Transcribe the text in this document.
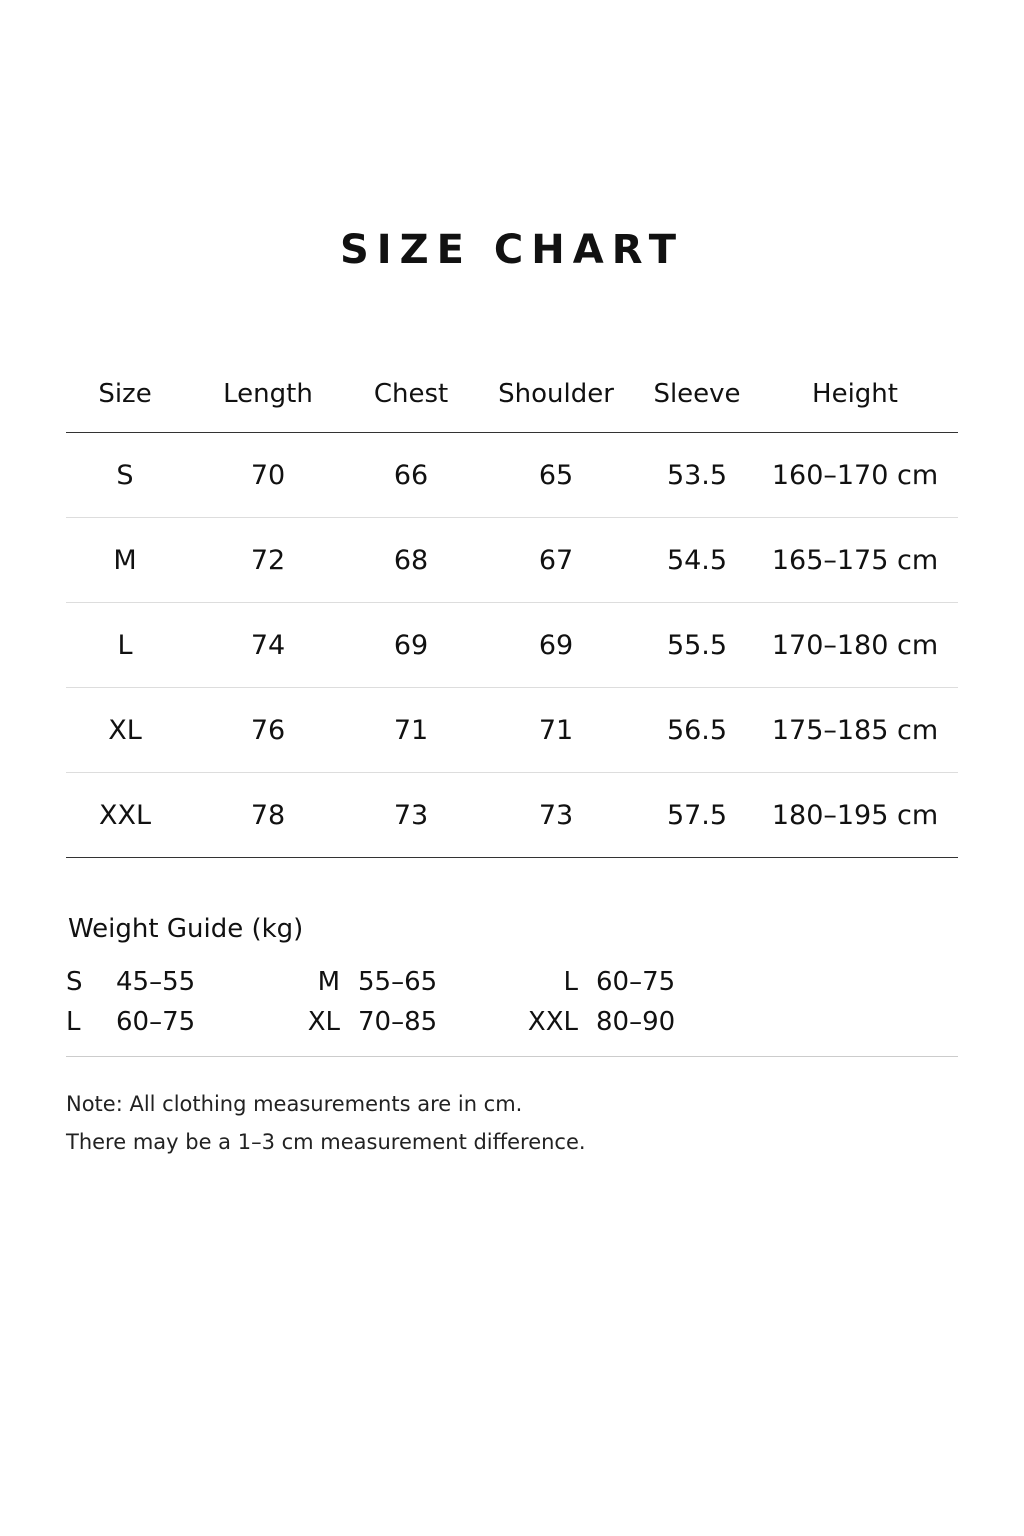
SIZE CHART
Size	Length	Chest	Shoulder	Sleeve	Height
S	70	66	65	53.5	160–170 cm
M	72	68	67	54.5	165–175 cm
L	74	69	69	55.5	170–180 cm
XL	76	71	71	56.5	175–185 cm
XXL	78	73	73	57.5	180–195 cm
Weight Guide (kg)
S	45–55	M 55–65	L 60–75
L	60–75	XL 70–85	XXL 80–90
Note: All clothing measurements are in cm.
There may be a 1–3 cm measurement difference.
